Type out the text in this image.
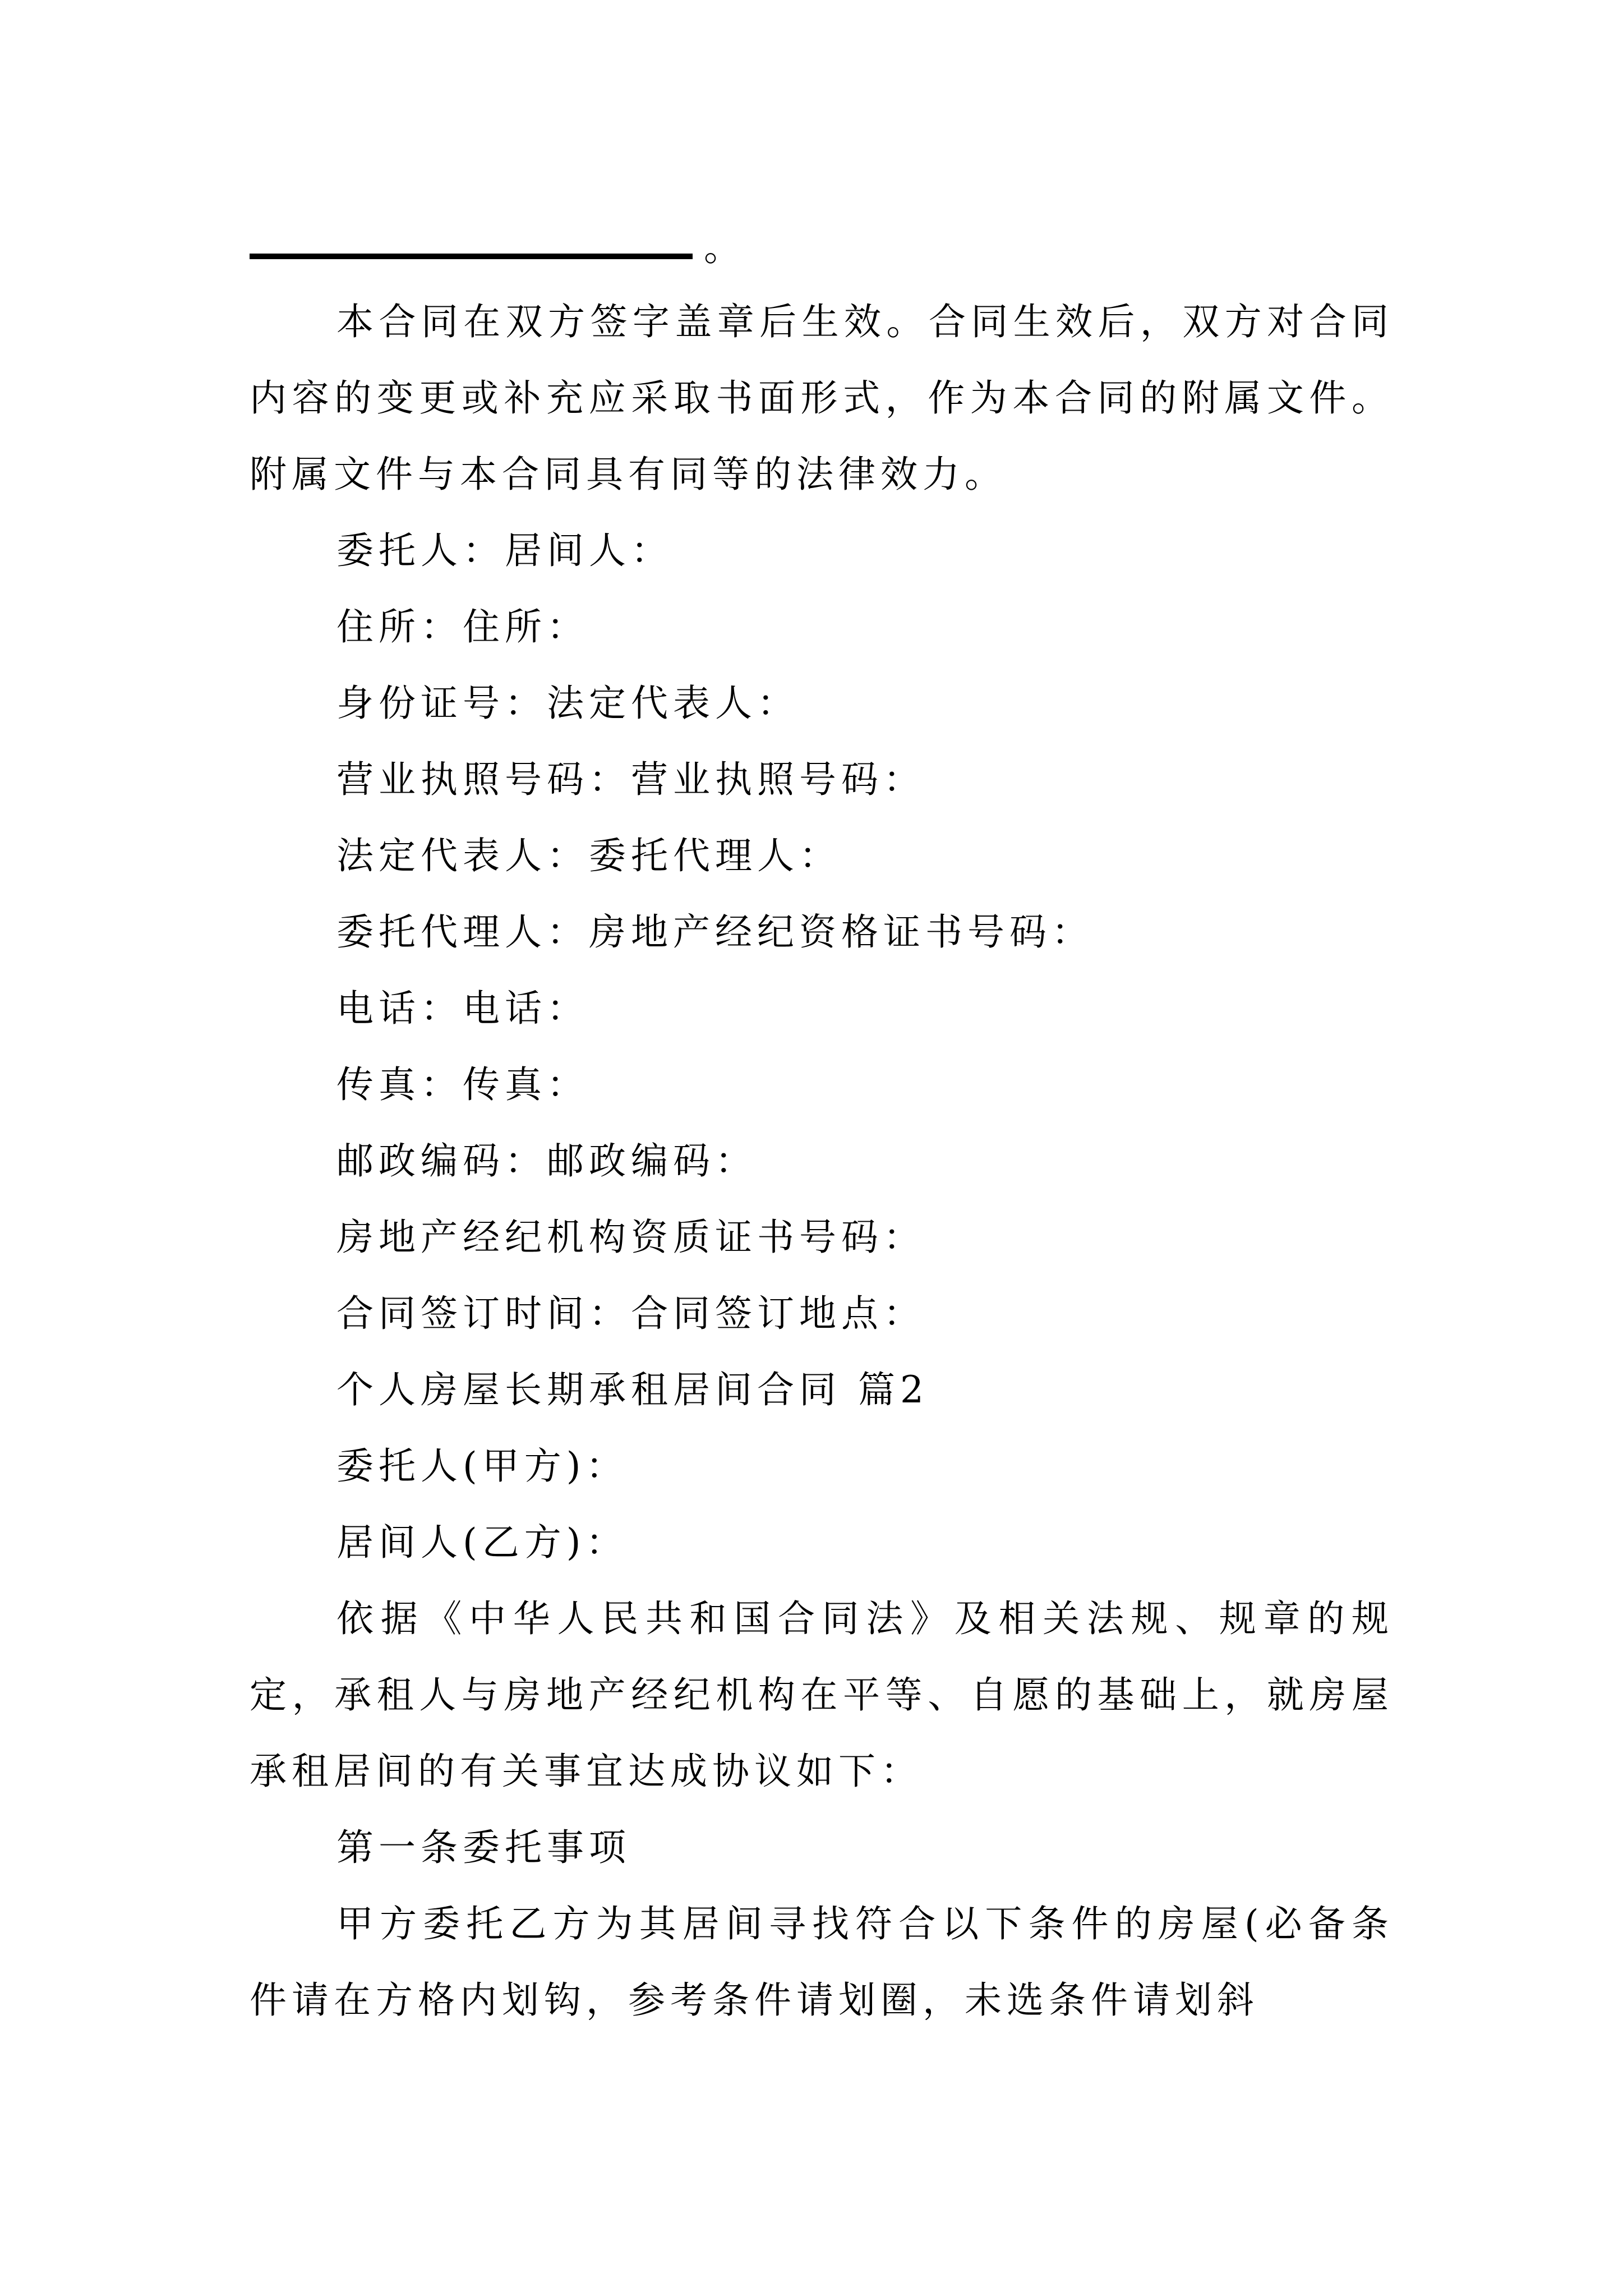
。

本合同在双方签字盖章后生效。合同生效后，双方对合同内容的变更或补充应采取书面形式，作为本合同的附属文件。附属文件与本合同具有同等的法律效力。

委托人：居间人：
住所：住所：
身份证号：法定代表人：
营业执照号码：营业执照号码：
法定代表人：委托代理人：
委托代理人：房地产经纪资格证书号码：
电话：电话：
传真：传真：
邮政编码：邮政编码：
房地产经纪机构资质证书号码：
合同签订时间：合同签订地点：
个人房屋长期承租居间合同 篇2
委托人(甲方)：
居间人(乙方)：

依据《中华人民共和国合同法》及相关法规、规章的规定，承租人与房地产经纪机构在平等、自愿的基础上，就房屋承租居间的有关事宜达成协议如下：

第一条委托事项

甲方委托乙方为其居间寻找符合以下条件的房屋(必备条件请在方格内划钩，参考条件请划圈，未选条件请划斜
